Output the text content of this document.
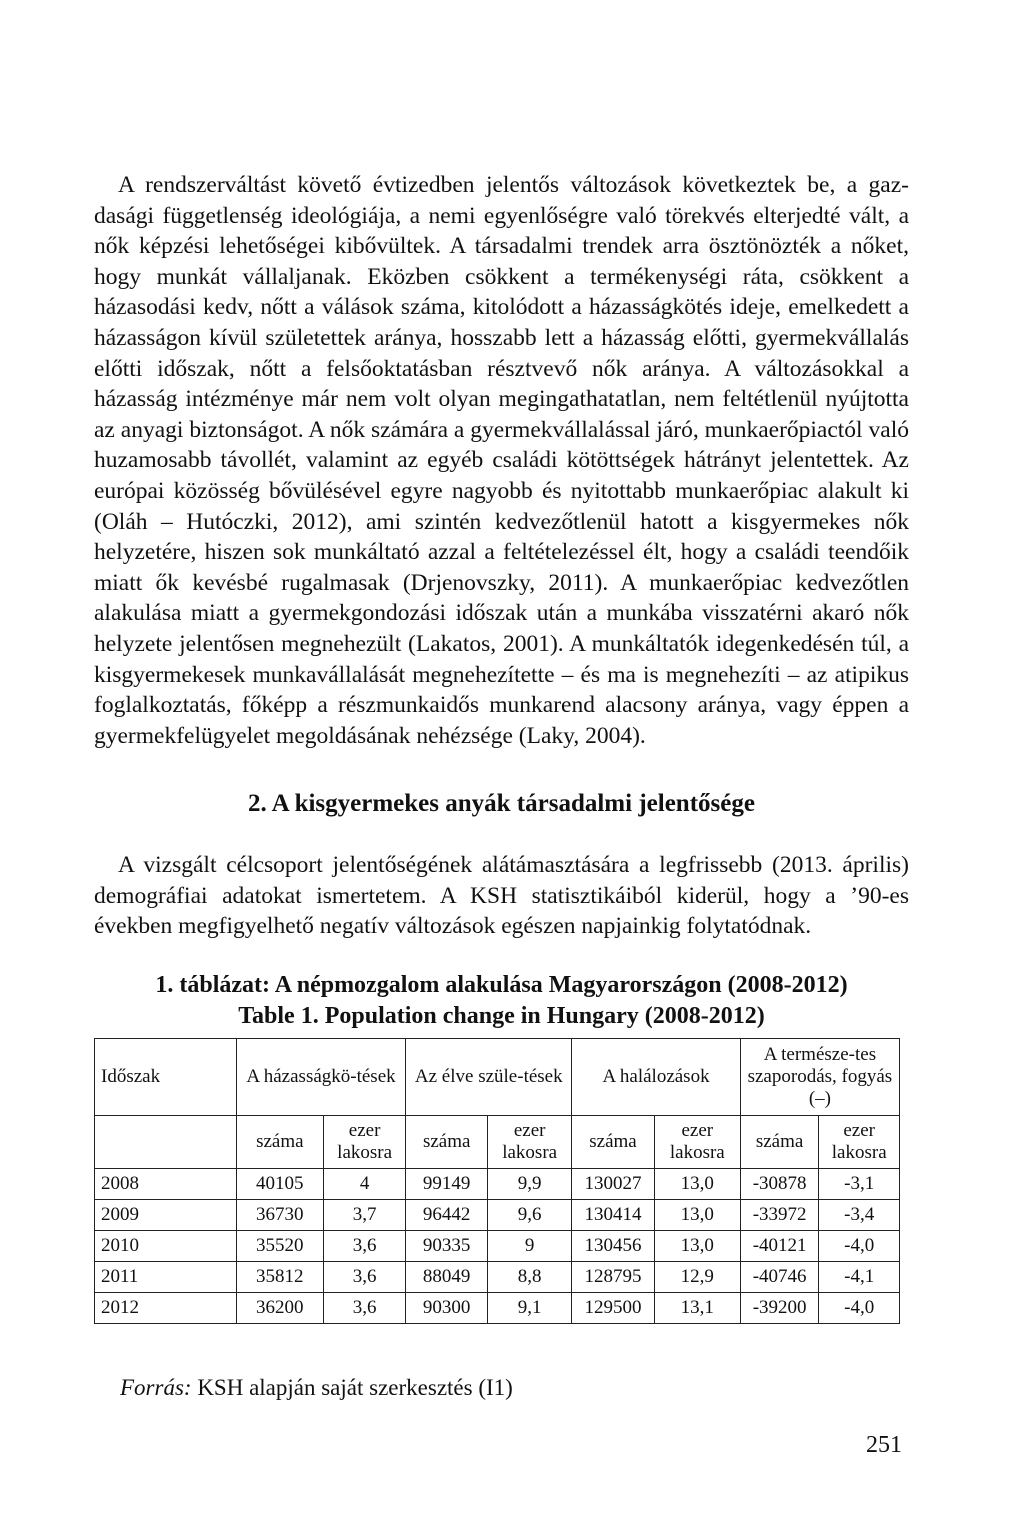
A rendszerváltást követő évtizedben jelentős változások következtek be, a gazdasági függetlenség ideológiája, a nemi egyenlőségre való törekvés elterjedté vált, a nők képzési lehetőségei kibővültek. A társadalmi trendek arra ösztönözték a nőket, hogy munkát vállaljanak. Eközben csökkent a termékenységi ráta, csökkent a házasodási kedv, nőtt a válások száma, kitolódott a házasságkötés ideje, emelkedett a házasságon kívül születettek aránya, hosszabb lett a házasság előtti, gyermekvállalás előtti időszak, nőtt a felsőoktatásban résztvevő nők aránya. A változásokkal a házasság intézménye már nem volt olyan megingathatatlan, nem feltétlenül nyújtotta az anyagi biztonságot. A nők számára a gyermekvállalással járó, munkaerőpiactól való huzamosabb távollét, valamint az egyéb családi kötöttségek hátrányt jelentettek. Az európai közösség bővülésével egyre nagyobb és nyitottabb munkaerőpiac alakult ki (Oláh – Hutóczki, 2012), ami szintén kedvezőtlenül hatott a kisgyermekes nők helyzetére, hiszen sok munkáltató azzal a feltételezéssel élt, hogy a családi teendőik miatt ők kevésbé rugalmasak (Drjenovszky, 2011). A munkaerőpiac kedvezőtlen alakulása miatt a gyermekgondozási időszak után a munkába visszatérni akaró nők helyzete jelentősen megnehezült (Lakatos, 2001). A munkáltatók idegenkedésén túl, a kisgyermekesek munkavállalását megnehezítette – és ma is megnehezíti – az atipikus foglalkoztatás, főképp a részmunkaidős munkarend alacsony aránya, vagy éppen a gyermekfelügyelet megoldásának nehézsége (Laky, 2004).

2. A kisgyermekes anyák társadalmi jelentősége

A vizsgált célcsoport jelentőségének alátámasztására a legfrissebb (2013. április) demográfiai adatokat ismertetem. A KSH statisztikáiból kiderül, hogy a ’90-es években megfigyelhető negatív változások egészen napjainkig folytatódnak.

1. táblázat: A népmozgalom alakulása Magyarországon (2008-2012)
Table 1. Population change in Hungary (2008-2012)
Időszak	A házasságkö-tések		Az élve szüle-tések		A halálozások		A természe-tes szaporodás, fogyás (–)	
	száma	ezer lakosra	száma	ezer lakosra	száma	ezer lakosra	száma	ezer lakosra
2008	40105	4	99149	9,9	130027	13,0	-30878	-3,1
2009	36730	3,7	96442	9,6	130414	13,0	-33972	-3,4
2010	35520	3,6	90335	9	130456	13,0	-40121	-4,0
2011	35812	3,6	88049	8,8	128795	12,9	-40746	-4,1
2012	36200	3,6	90300	9,1	129500	13,1	-39200	-4,0

Forrás: KSH alapján saját szerkesztés (I1)

251
